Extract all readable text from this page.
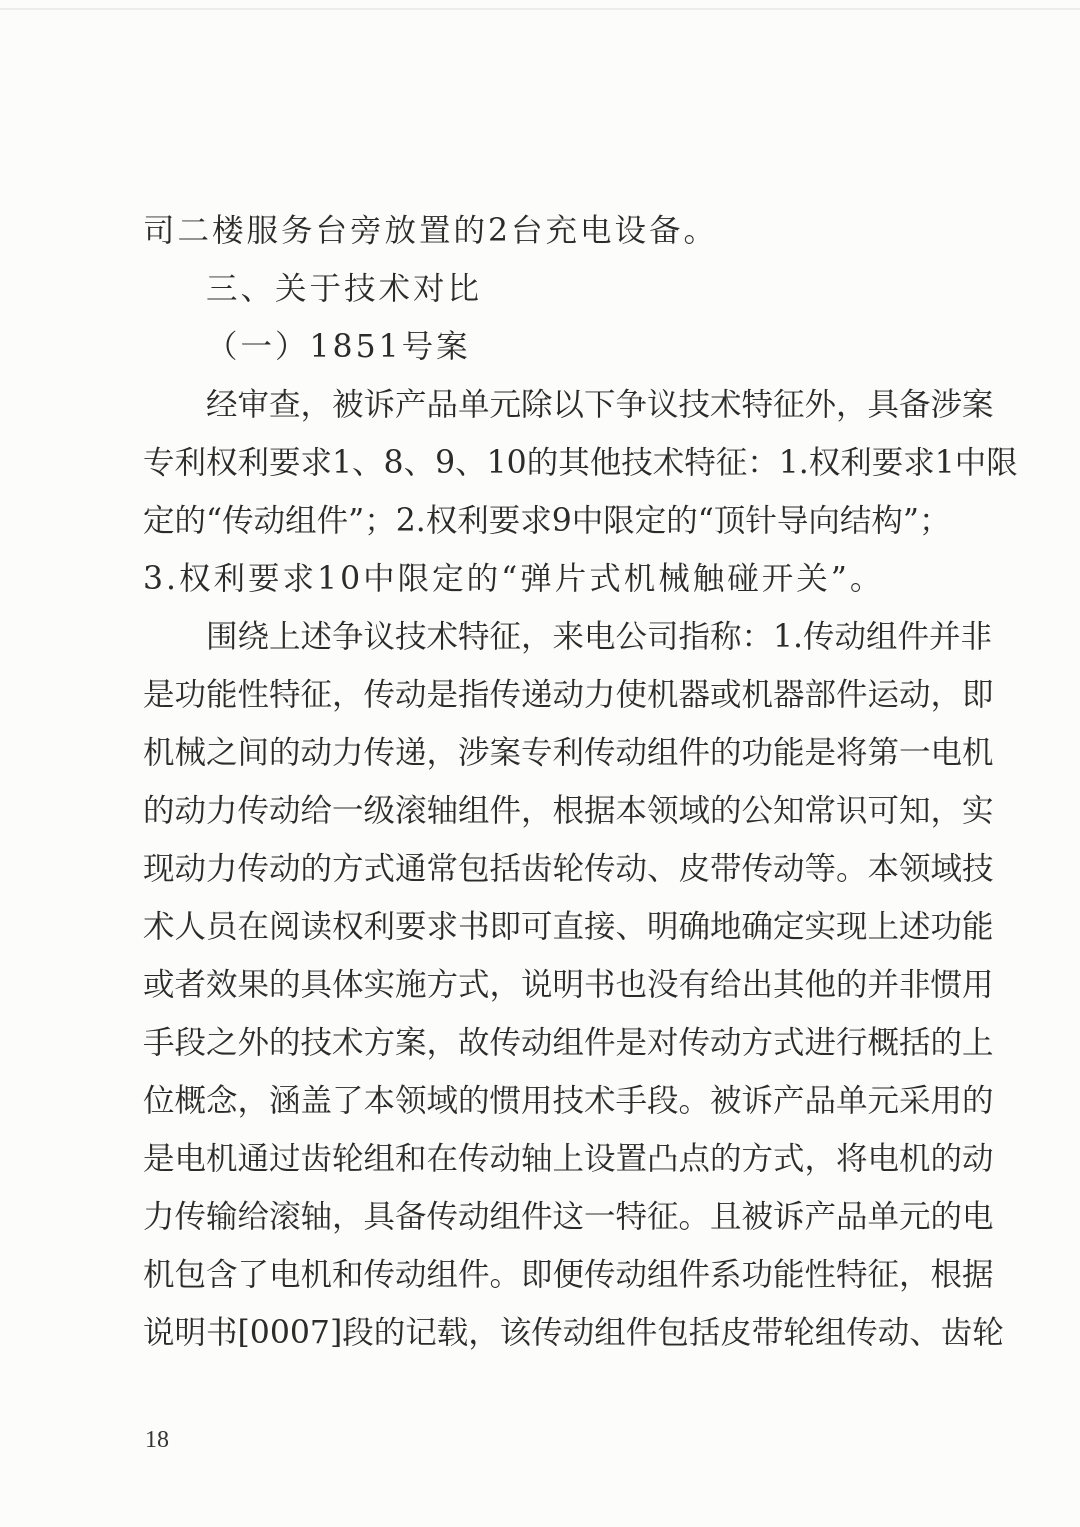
司二楼服务台旁放置的2台充电设备。
三、关于技术对比
（一）1851号案
经审查，被诉产品单元除以下争议技术特征外，具备涉案
专利权利要求1、8、9、10的其他技术特征：1.权利要求1中限
定的“传动组件”；2.权利要求9中限定的“顶针导向结构”；
3.权利要求10中限定的“弹片式机械触碰开关”。
围绕上述争议技术特征，来电公司指称：1.传动组件并非
是功能性特征，传动是指传递动力使机器或机器部件运动，即
机械之间的动力传递，涉案专利传动组件的功能是将第一电机
的动力传动给一级滚轴组件，根据本领域的公知常识可知，实
现动力传动的方式通常包括齿轮传动、皮带传动等。本领域技
术人员在阅读权利要求书即可直接、明确地确定实现上述功能
或者效果的具体实施方式，说明书也没有给出其他的并非惯用
手段之外的技术方案，故传动组件是对传动方式进行概括的上
位概念，涵盖了本领域的惯用技术手段。被诉产品单元采用的
是电机通过齿轮组和在传动轴上设置凸点的方式，将电机的动
力传输给滚轴，具备传动组件这一特征。且被诉产品单元的电
机包含了电机和传动组件。即便传动组件系功能性特征，根据
说明书[0007]段的记载，该传动组件包括皮带轮组传动、齿轮
18
